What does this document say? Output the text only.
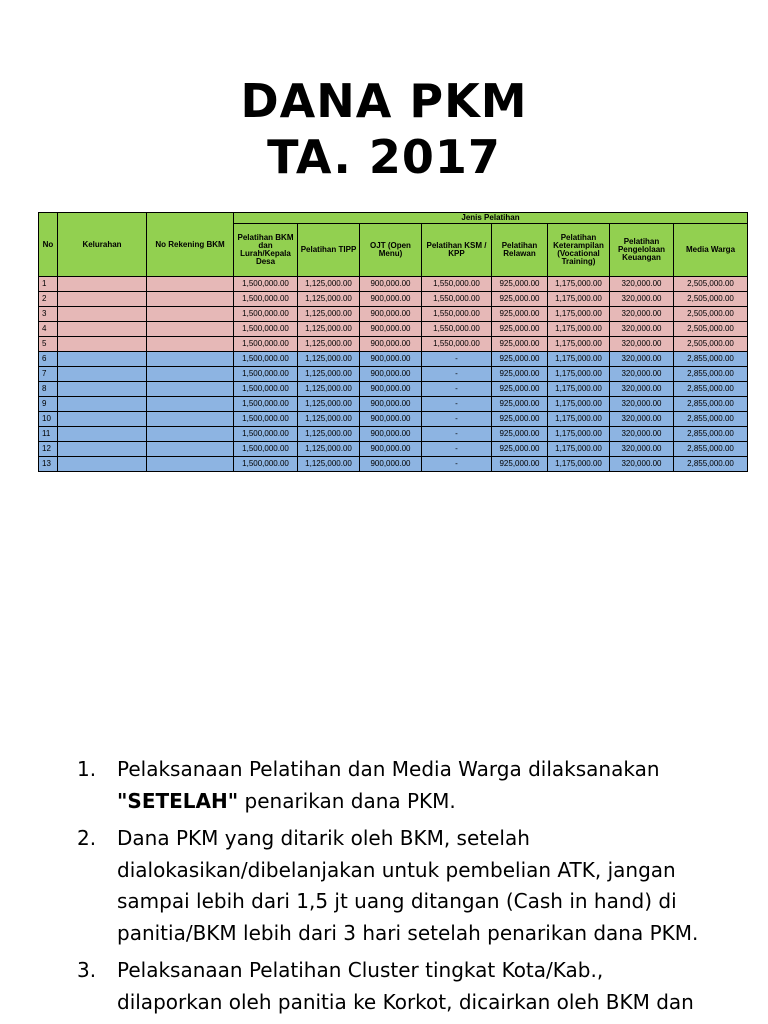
DANA PKM
TA. 2017
No	Kelurahan	No Rekening BKM	Jenis Pelatihan							
			Pelatihan BKM dan Lurah/Kepala Desa	Pelatihan TIPP	OJT (Open Menu)	Pelatihan KSM / KPP	Pelatihan Relawan	Pelatihan Keterampilan (Vocational Training)	Pelatihan Pengelolaan Keuangan	Media Warga
1			1,500,000.00	1,125,000.00	900,000.00	1,550,000.00	925,000.00	1,175,000.00	320,000.00	2,505,000.00
2			1,500,000.00	1,125,000.00	900,000.00	1,550,000.00	925,000.00	1,175,000.00	320,000.00	2,505,000.00
3			1,500,000.00	1,125,000.00	900,000.00	1,550,000.00	925,000.00	1,175,000.00	320,000.00	2,505,000.00
4			1,500,000.00	1,125,000.00	900,000.00	1,550,000.00	925,000.00	1,175,000.00	320,000.00	2,505,000.00
5			1,500,000.00	1,125,000.00	900,000.00	1,550,000.00	925,000.00	1,175,000.00	320,000.00	2,505,000.00
6			1,500,000.00	1,125,000.00	900,000.00	-	925,000.00	1,175,000.00	320,000.00	2,855,000.00
7			1,500,000.00	1,125,000.00	900,000.00	-	925,000.00	1,175,000.00	320,000.00	2,855,000.00
8			1,500,000.00	1,125,000.00	900,000.00	-	925,000.00	1,175,000.00	320,000.00	2,855,000.00
9			1,500,000.00	1,125,000.00	900,000.00	-	925,000.00	1,175,000.00	320,000.00	2,855,000.00
10			1,500,000.00	1,125,000.00	900,000.00	-	925,000.00	1,175,000.00	320,000.00	2,855,000.00
11			1,500,000.00	1,125,000.00	900,000.00	-	925,000.00	1,175,000.00	320,000.00	2,855,000.00
12			1,500,000.00	1,125,000.00	900,000.00	-	925,000.00	1,175,000.00	320,000.00	2,855,000.00
13			1,500,000.00	1,125,000.00	900,000.00	-	925,000.00	1,175,000.00	320,000.00	2,855,000.00
1. Pelaksanaan Pelatihan dan Media Warga dilaksanakan "SETELAH" penarikan dana PKM.
2. Dana PKM yang ditarik oleh BKM, setelah dialokasikan/dibelanjakan untuk pembelian ATK, jangan sampai lebih dari 1,5 jt uang ditangan (Cash in hand) di panitia/BKM lebih dari 3 hari setelah penarikan dana PKM.
3. Pelaksanaan Pelatihan Cluster tingkat Kota/Kab., dilaporkan oleh panitia ke Korkot, dicairkan oleh BKM dan
